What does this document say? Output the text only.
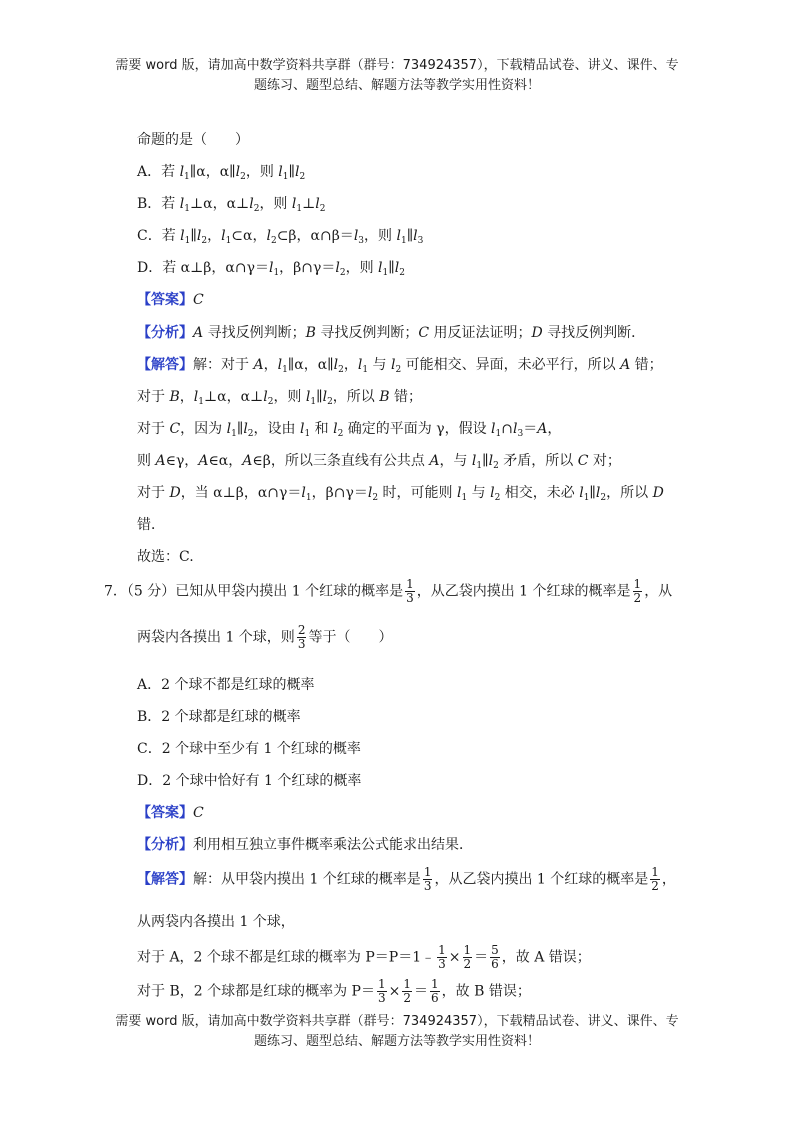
需要 word 版，请加高中数学资料共享群（群号：734924357），下载精品试卷、讲义、课件、专
题练习、题型总结、解题方法等教学实用性资料！
命题的是（　　）
A．若 $l_1\parallel\alpha$，$\alpha\parallel l_2$，则 $l_1\parallel l_2$
B．若 $l_1\perp\alpha$，$\alpha\perp l_2$，则 $l_1\perp l_2$
C．若 $l_1\parallel l_2$，$l_1\subset\alpha$，$l_2\subset\beta$，$\alpha\cap\beta=l_3$，则 $l_1\parallel l_3$
D．若 α⊥β，$\alpha\cap\gamma=l_1$，$\beta\cap\gamma=l_2$，则 $l_1\parallel l_2$
【答案】C
【分析】A 寻找反例判断；B 寻找反例判断；C 用反证法证明；D 寻找反例判断．
【解答】解：对于 A，$l_1\parallel\alpha$，$\alpha\parallel l_2$，$l_1$ 与 $l_2$ 可能相交、异面，未必平行，所以 A 错；
对于 B，$l_1\perp\alpha$，$\alpha\perp l_2$，则 $l_1\parallel l_2$，所以 B 错；
对于 C，因为 $l_1\parallel l_2$，设由 $l_1$ 和 $l_2$ 确定的平面为 γ，假设 $l_1\cap l_3=A$，
则 A∈γ，A∈α，A∈β，所以三条直线有公共点 A，与 $l_1\parallel l_2$ 矛盾，所以 C 对；
对于 D，当 α⊥β，$\alpha\cap\gamma=l_1$，$\beta\cap\gamma=l_2$ 时，可能则 $l_1$ 与 $l_2$ 相交，未必 $l_1\parallel l_2$，所以 D
错．
故选：C.
7．（5 分）已知从甲袋内摸出 1 个红球的概率是 $\frac{1}{3}$ ，从乙袋内摸出 1 个红球的概率是 $\frac{1}{2}$ ，从
两袋内各摸出 1 个球，则 $\frac{2}{3}$ 等于（　　）
A．2 个球不都是红球的概率
B．2 个球都是红球的概率
C．2 个球中至少有 1 个红球的概率
D．2 个球中恰好有 1 个红球的概率
【答案】C
【分析】利用相互独立事件概率乘法公式能求出结果．
【解答】解：从甲袋内摸出 1 个红球的概率是 $\frac{1}{3}$ ，从乙袋内摸出 1 个红球的概率是 $\frac{1}{2}$ ，
从两袋内各摸出 1 个球，
对于 A，2 个球不都是红球的概率为 P＝P＝1﹣ $\frac{1}{3} \times \frac{1}{2} = \frac{5}{6}$ ，故 A 错误；
对于 B，2 个球都是红球的概率为 $P= \frac{1}{3} \times \frac{1}{2} = \frac{1}{6}$ ，故 B 错误；
需要 word 版，请加高中数学资料共享群（群号：734924357），下载精品试卷、讲义、课件、专
题练习、题型总结、解题方法等教学实用性资料！
